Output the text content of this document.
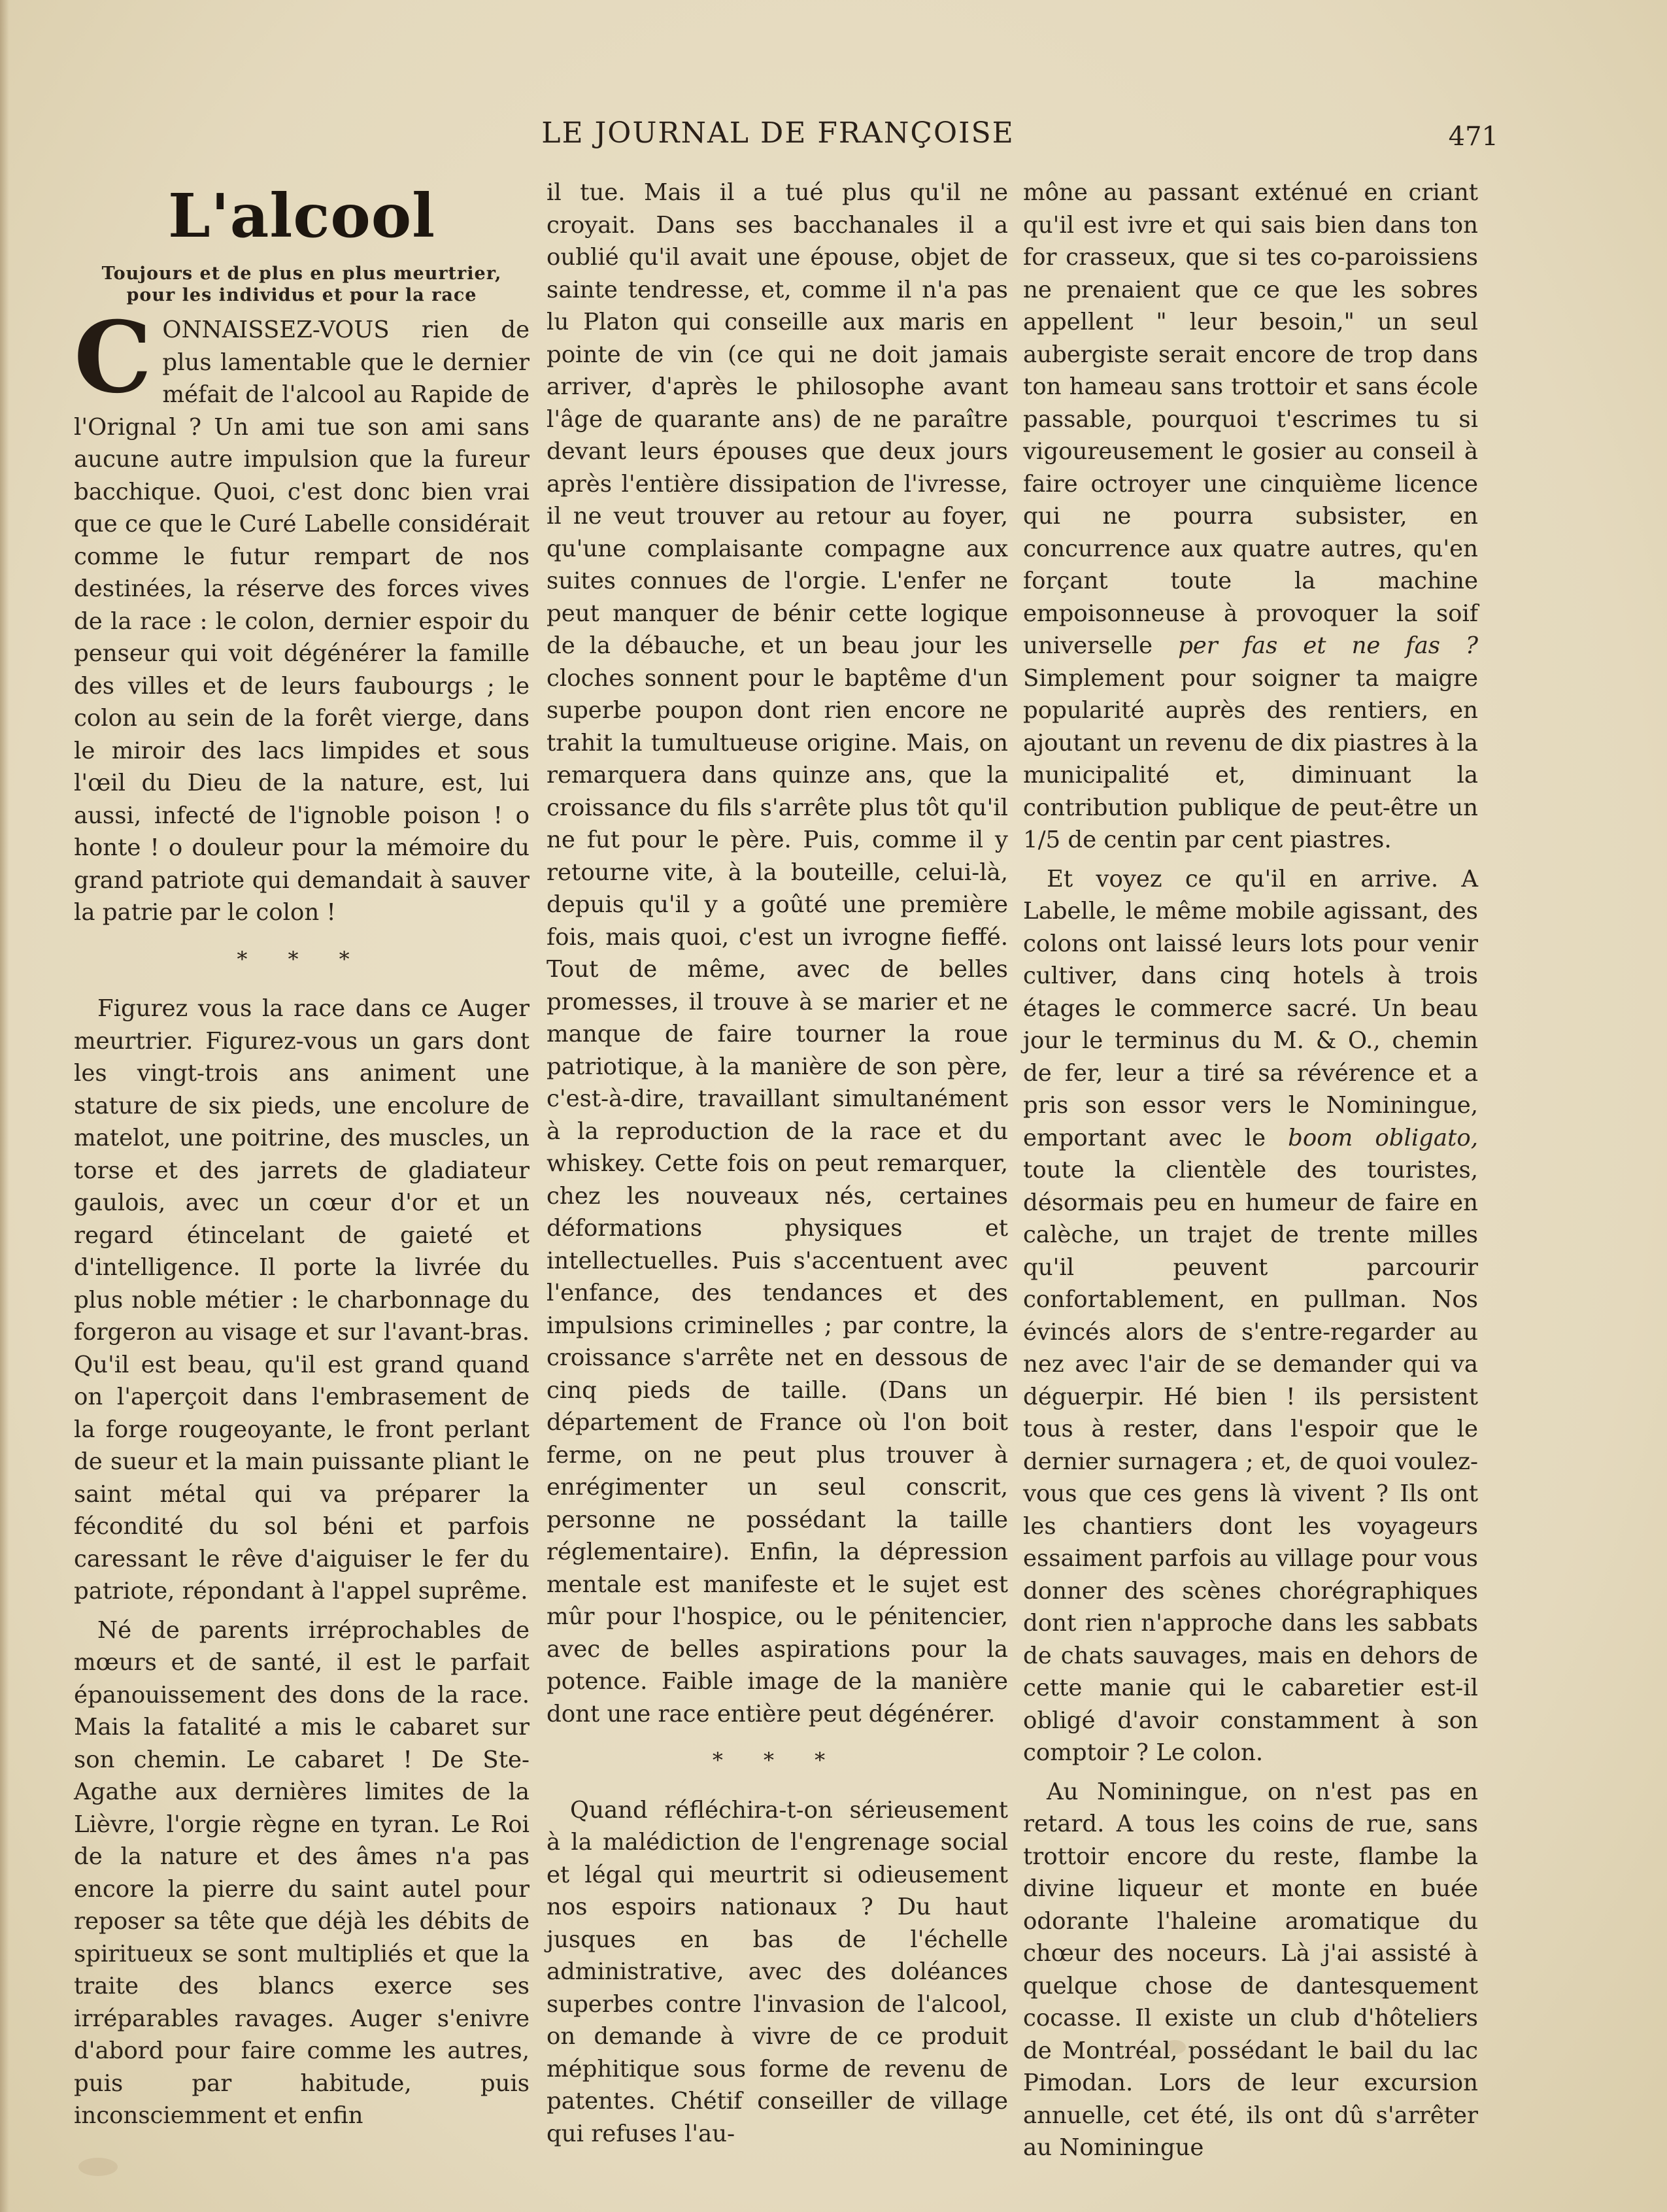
LE JOURNAL DE FRANÇOISE	471
L'alcool
Toujours et de plus en plus meurtrier,
pour les individus et pour la race

CONNAISSEZ-VOUS rien de plus lamentable que le dernier méfait de l'alcool au Rapide de l'Orignal ? Un ami tue son ami sans aucune autre impulsion que la fureur bacchique. Quoi, c'est donc bien vrai que ce que le Curé Labelle considérait comme le futur rempart de nos destinées, la réserve des forces vives de la race : le colon, dernier espoir du penseur qui voit dégénérer la famille des villes et de leurs faubourgs ; le colon au sein de la forêt vierge, dans le miroir des lacs limpides et sous l'œil du Dieu de la nature, est, lui aussi, infecté de l'ignoble poison ! o honte ! o douleur pour la mémoire du grand patriote qui demandait à sauver la patrie par le colon !

* * *

Figurez vous la race dans ce Auger meurtrier. Figurez-vous un gars dont les vingt-trois ans animent une stature de six pieds, une encolure de matelot, une poitrine, des muscles, un torse et des jarrets de gladiateur gaulois, avec un cœur d'or et un regard étincelant de gaieté et d'intelligence. Il porte la livrée du plus noble métier : le charbonnage du forgeron au visage et sur l'avant-bras. Qu'il est beau, qu'il est grand quand on l'aperçoit dans l'embrasement de la forge rougeoyante, le front perlant de sueur et la main puissante pliant le saint métal qui va préparer la fécondité du sol béni et parfois caressant le rêve d'aiguiser le fer du patriote, répondant à l'appel suprême.

Né de parents irréprochables de mœurs et de santé, il est le parfait épanouissement des dons de la race. Mais la fatalité a mis le cabaret sur son chemin. Le cabaret ! De Ste-Agathe aux dernières limites de la Lièvre, l'orgie règne en tyran. Le Roi de la nature et des âmes n'a pas encore la pierre du saint autel pour reposer sa tête que déjà les débits de spiritueux se sont multipliés et que la traite des blancs exerce ses irréparables ravages. Auger s'enivre d'abord pour faire comme les autres, puis par habitude, puis inconsciemment et enfin

il tue. Mais il a tué plus qu'il ne croyait. Dans ses bacchanales il a oublié qu'il avait une épouse, objet de sainte tendresse, et, comme il n'a pas lu Platon qui conseille aux maris en pointe de vin (ce qui ne doit jamais arriver, d'après le philosophe avant l'âge de quarante ans) de ne paraître devant leurs épouses que deux jours après l'entière dissipation de l'ivresse, il ne veut trouver au retour au foyer, qu'une complaisante compagne aux suites connues de l'orgie. L'enfer ne peut manquer de bénir cette logique de la débauche, et un beau jour les cloches sonnent pour le baptême d'un superbe poupon dont rien encore ne trahit la tumultueuse origine. Mais, on remarquera dans quinze ans, que la croissance du fils s'arrête plus tôt qu'il ne fut pour le père. Puis, comme il y retourne vite, à la bouteille, celui-là, depuis qu'il y a goûté une première fois, mais quoi, c'est un ivrogne fieffé. Tout de même, avec de belles promesses, il trouve à se marier et ne manque de faire tourner la roue patriotique, à la manière de son père, c'est-à-dire, travaillant simultanément à la reproduction de la race et du whiskey. Cette fois on peut remarquer, chez les nouveaux nés, certaines déformations physiques et intellectuelles. Puis s'accentuent avec l'enfance, des tendances et des impulsions criminelles ; par contre, la croissance s'arrête net en dessous de cinq pieds de taille. (Dans un département de France où l'on boit ferme, on ne peut plus trouver à enrégimenter un seul conscrit, personne ne possédant la taille réglementaire). Enfin, la dépression mentale est manifeste et le sujet est mûr pour l'hospice, ou le pénitencier, avec de belles aspirations pour la potence. Faible image de la manière dont une race entière peut dégénérer.

* * *

Quand réfléchira-t-on sérieusement à la malédiction de l'engrenage social et légal qui meurtrit si odieusement nos espoirs nationaux ? Du haut jusques en bas de l'échelle administrative, avec des doléances superbes contre l'invasion de l'alcool, on demande à vivre de ce produit méphitique sous forme de revenu de patentes. Chétif conseiller de village qui refuses l'au-

mône au passant exténué en criant qu'il est ivre et qui sais bien dans ton for crasseux, que si tes co-paroissiens ne prenaient que ce que les sobres appellent " leur besoin," un seul aubergiste serait encore de trop dans ton hameau sans trottoir et sans école passable, pourquoi t'escrimes tu si vigoureusement le gosier au conseil à faire octroyer une cinquième licence qui ne pourra subsister, en concurrence aux quatre autres, qu'en forçant toute la machine empoisonneuse à provoquer la soif universelle per fas et ne fas ? Simplement pour soigner ta maigre popularité auprès des rentiers, en ajoutant un revenu de dix piastres à la municipalité et, diminuant la contribution publique de peut-être un 1/5 de centin par cent piastres.

Et voyez ce qu'il en arrive. A Labelle, le même mobile agissant, des colons ont laissé leurs lots pour venir cultiver, dans cinq hotels à trois étages le commerce sacré. Un beau jour le terminus du M. & O., chemin de fer, leur a tiré sa révérence et a pris son essor vers le Nominingue, emportant avec le boom obligato, toute la clientèle des touristes, désormais peu en humeur de faire en calèche, un trajet de trente milles qu'il peuvent parcourir confortablement, en pullman. Nos évincés alors de s'entre-regarder au nez avec l'air de se demander qui va déguerpir. Hé bien ! ils persistent tous à rester, dans l'espoir que le dernier surnagera ; et, de quoi voulez-vous que ces gens là vivent ? Ils ont les chantiers dont les voyageurs essaiment parfois au village pour vous donner des scènes chorégraphiques dont rien n'approche dans les sabbats de chats sauvages, mais en dehors de cette manie qui le cabaretier est-il obligé d'avoir constamment à son comptoir ? Le colon.

Au Nominingue, on n'est pas en retard. A tous les coins de rue, sans trottoir encore du reste, flambe la divine liqueur et monte en buée odorante l'haleine aromatique du chœur des noceurs. Là j'ai assisté à quelque chose de dantesquement cocasse. Il existe un club d'hôteliers de Montréal, possédant le bail du lac Pimodan. Lors de leur excursion annuelle, cet été, ils ont dû s'arrêter au Nominingue
